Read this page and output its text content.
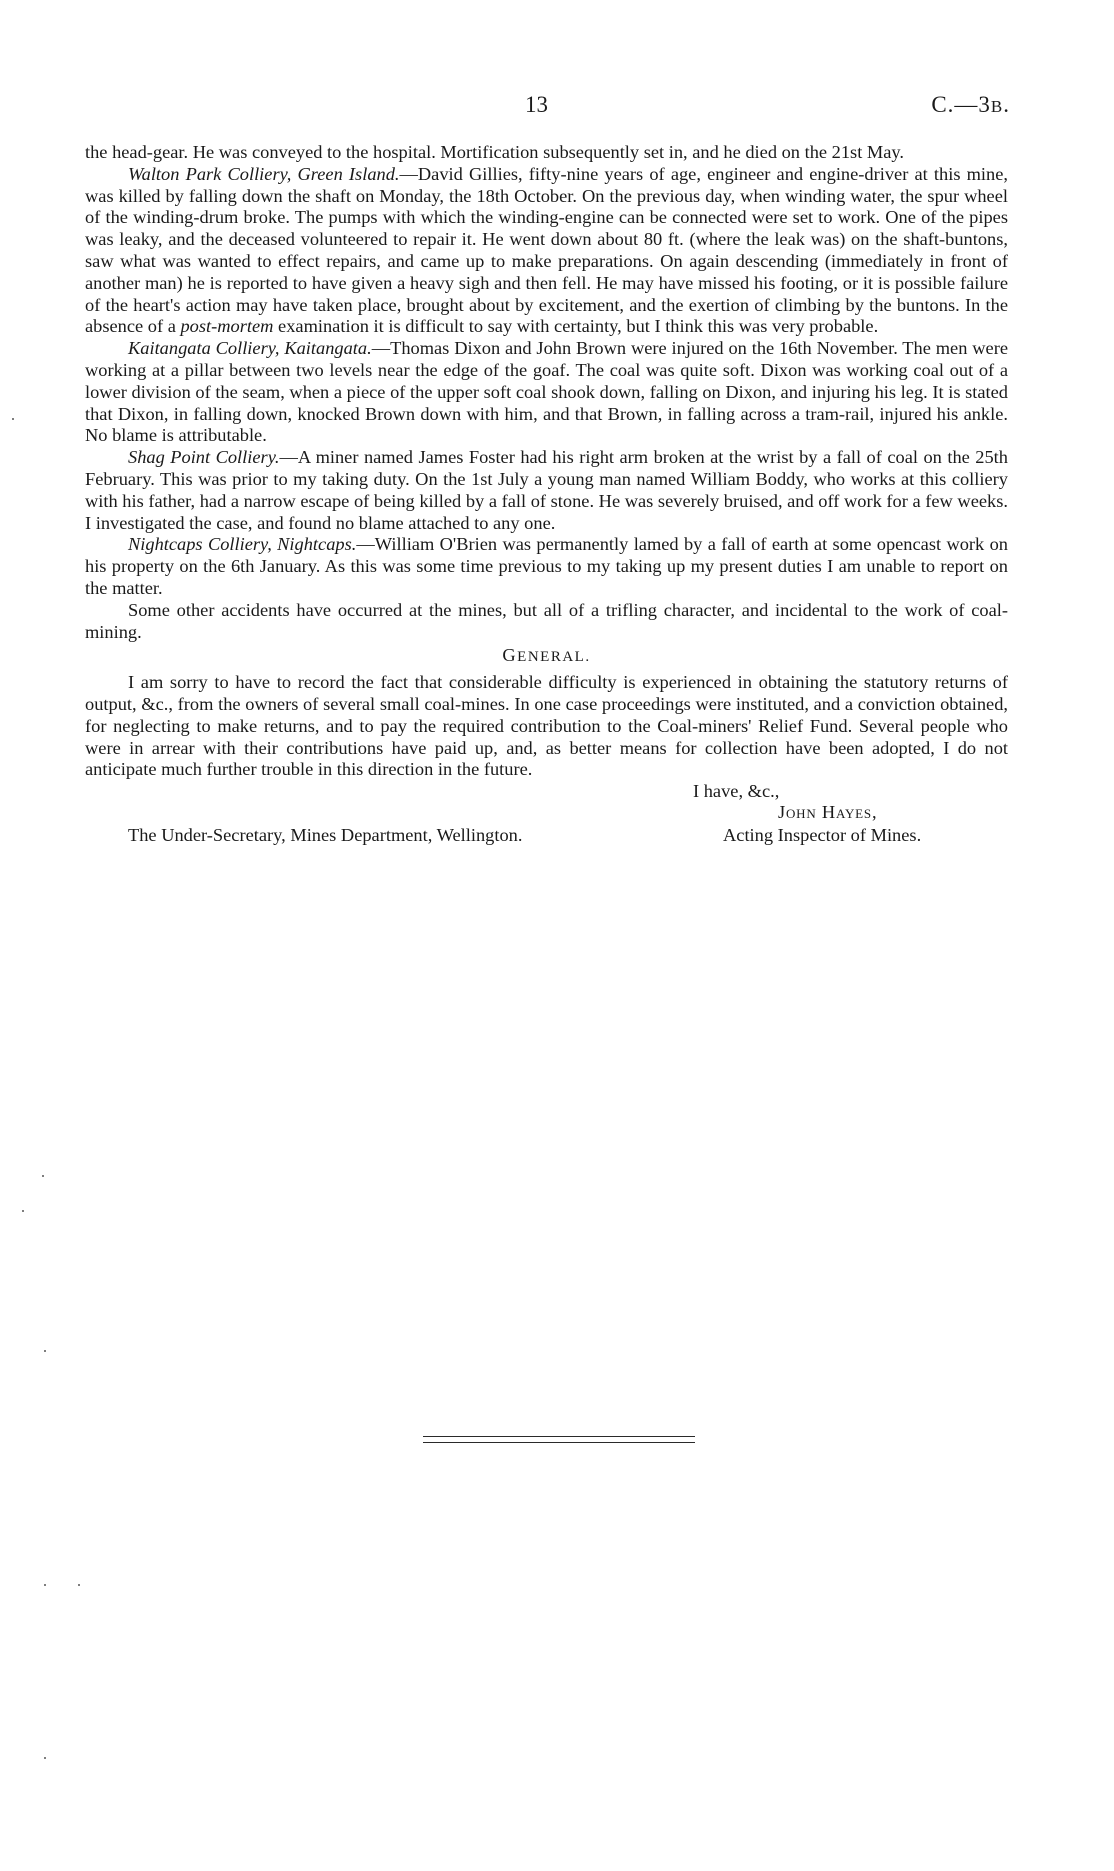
13	C.—3B.

the head-gear. He was conveyed to the hospital. Mortification subsequently set in, and he died on the 21st May.

Walton Park Colliery, Green Island.—David Gillies, fifty-nine years of age, engineer and engine-driver at this mine, was killed by falling down the shaft on Monday, the 18th October. On the previous day, when winding water, the spur wheel of the winding-drum broke. The pumps with which the winding-engine can be connected were set to work. One of the pipes was leaky, and the deceased volunteered to repair it. He went down about 80 ft. (where the leak was) on the shaft-buntons, saw what was wanted to effect repairs, and came up to make preparations. On again descending (immediately in front of another man) he is reported to have given a heavy sigh and then fell. He may have missed his footing, or it is possible failure of the heart's action may have taken place, brought about by excitement, and the exertion of climbing by the buntons. In the absence of a post-mortem examination it is difficult to say with certainty, but I think this was very probable.

Kaitangata Colliery, Kaitangata.—Thomas Dixon and John Brown were injured on the 16th November. The men were working at a pillar between two levels near the edge of the goaf. The coal was quite soft. Dixon was working coal out of a lower division of the seam, when a piece of the upper soft coal shook down, falling on Dixon, and injuring his leg. It is stated that Dixon, in falling down, knocked Brown down with him, and that Brown, in falling across a tram-rail, injured his ankle. No blame is attributable.

Shag Point Colliery.—A miner named James Foster had his right arm broken at the wrist by a fall of coal on the 25th February. This was prior to my taking duty. On the 1st July a young man named William Boddy, who works at this colliery with his father, had a narrow escape of being killed by a fall of stone. He was severely bruised, and off work for a few weeks. I investigated the case, and found no blame attached to any one.

Nightcaps Colliery, Nightcaps.—William O'Brien was permanently lamed by a fall of earth at some opencast work on his property on the 6th January. As this was some time previous to my taking up my present duties I am unable to report on the matter.

Some other accidents have occurred at the mines, but all of a trifling character, and incidental to the work of coal-mining.

GENERAL.

I am sorry to have to record the fact that considerable difficulty is experienced in obtaining the statutory returns of output, &c., from the owners of several small coal-mines. In one case proceedings were instituted, and a conviction obtained, for neglecting to make returns, and to pay the required contribution to the Coal-miners' Relief Fund. Several people who were in arrear with their contributions have paid up, and, as better means for collection have been adopted, I do not anticipate much further trouble in this direction in the future.

I have, &c.,
John Hayes,
The Under-Secretary, Mines Department, Wellington.	Acting Inspector of Mines.
